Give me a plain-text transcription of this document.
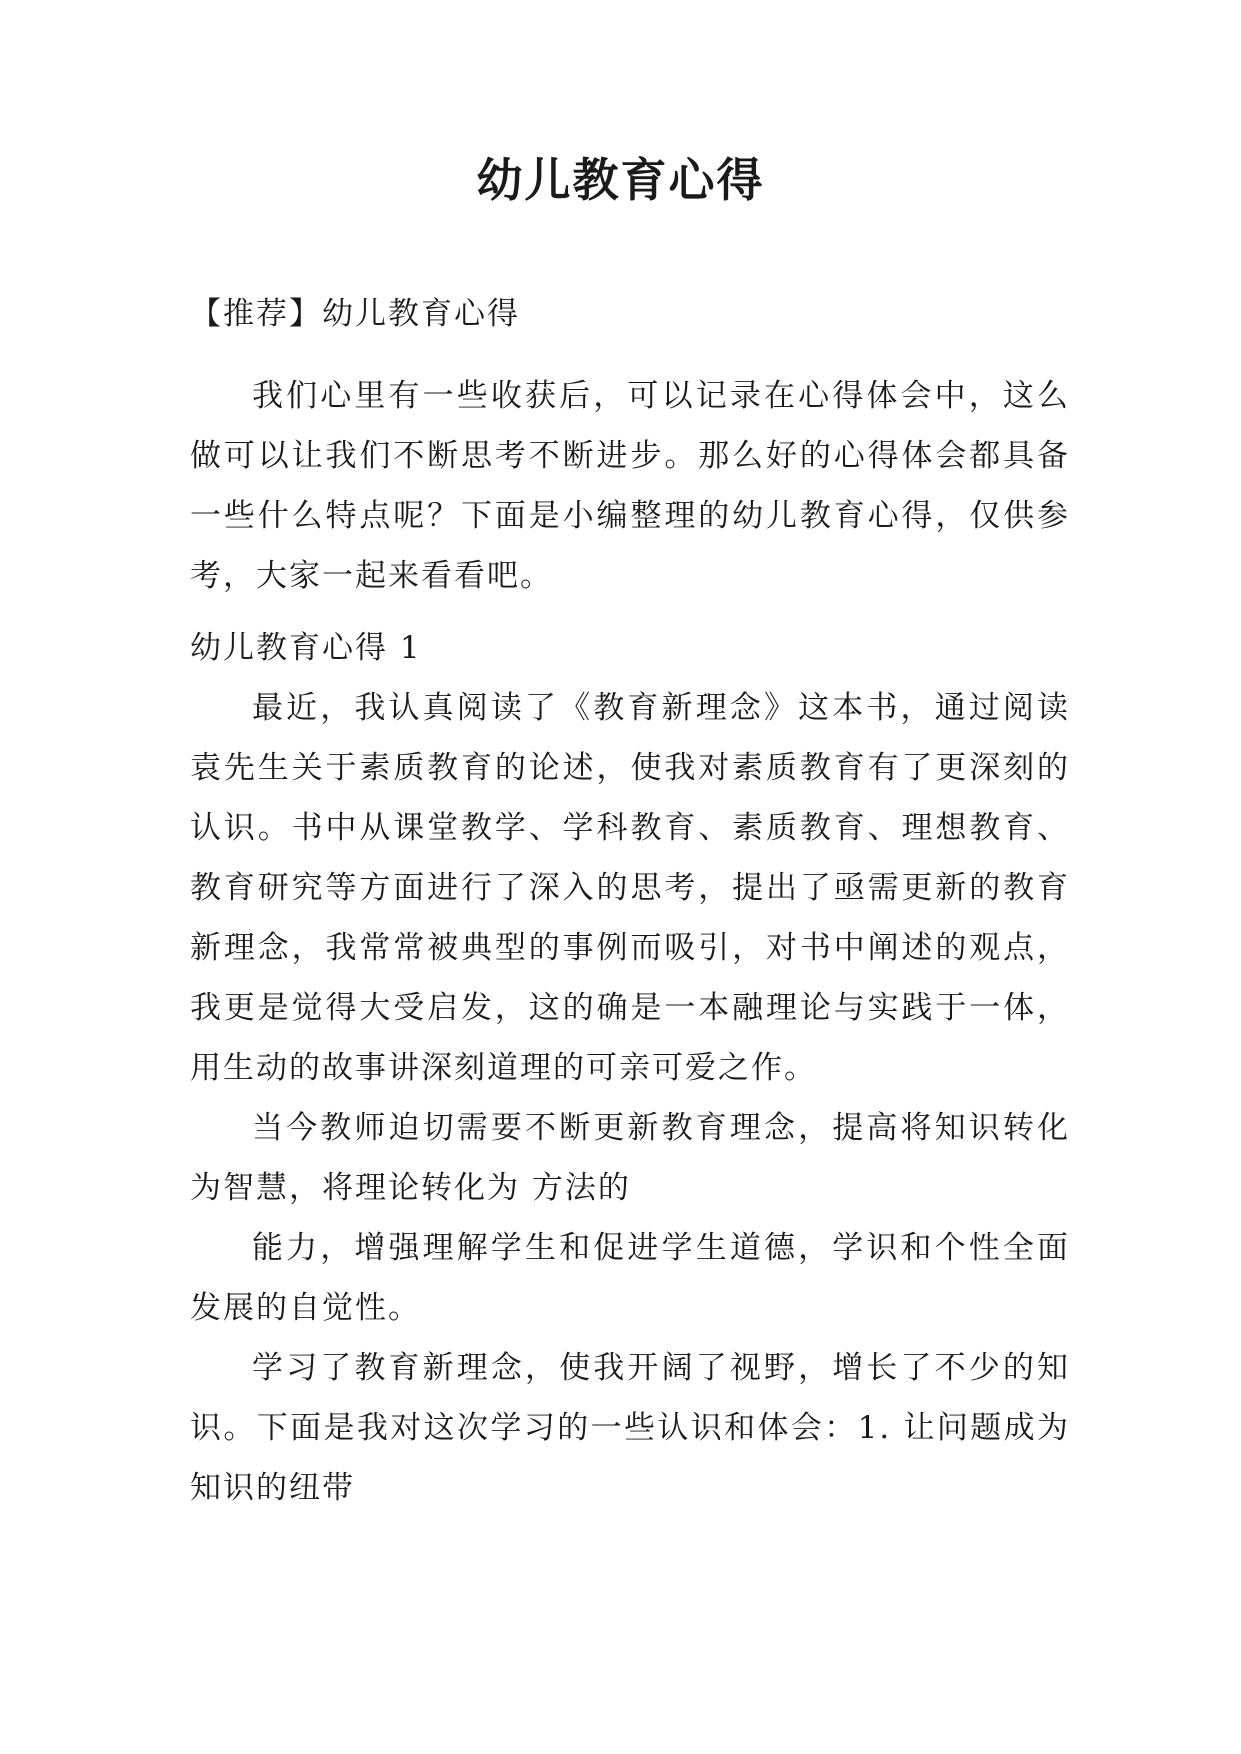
幼儿教育心得
【推荐】幼儿教育心得

我们心里有一些收获后，可以记录在心得体会中，这么做可以让我们不断思考不断进步。那么好的心得体会都具备一些什么特点呢？下面是小编整理的幼儿教育心得，仅供参考，大家一起来看看吧。

幼儿教育心得 1

最近，我认真阅读了《教育新理念》这本书，通过阅读袁先生关于素质教育的论述，使我对素质教育有了更深刻的认识。书中从课堂教学、学科教育、素质教育、理想教育、教育研究等方面进行了深入的思考，提出了亟需更新的教育新理念，我常常被典型的事例而吸引，对书中阐述的观点，我更是觉得大受启发，这的确是一本融理论与实践于一体，用生动的故事讲深刻道理的可亲可爱之作。

当今教师迫切需要不断更新教育理念，提高将知识转化为智慧，将理论转化为 方法的

能力，增强理解学生和促进学生道德，学识和个性全面发展的自觉性。

学习了教育新理念，使我开阔了视野，增长了不少的知识。下面是我对这次学习的一些认识和体会：1. 让问题成为知识的纽带
